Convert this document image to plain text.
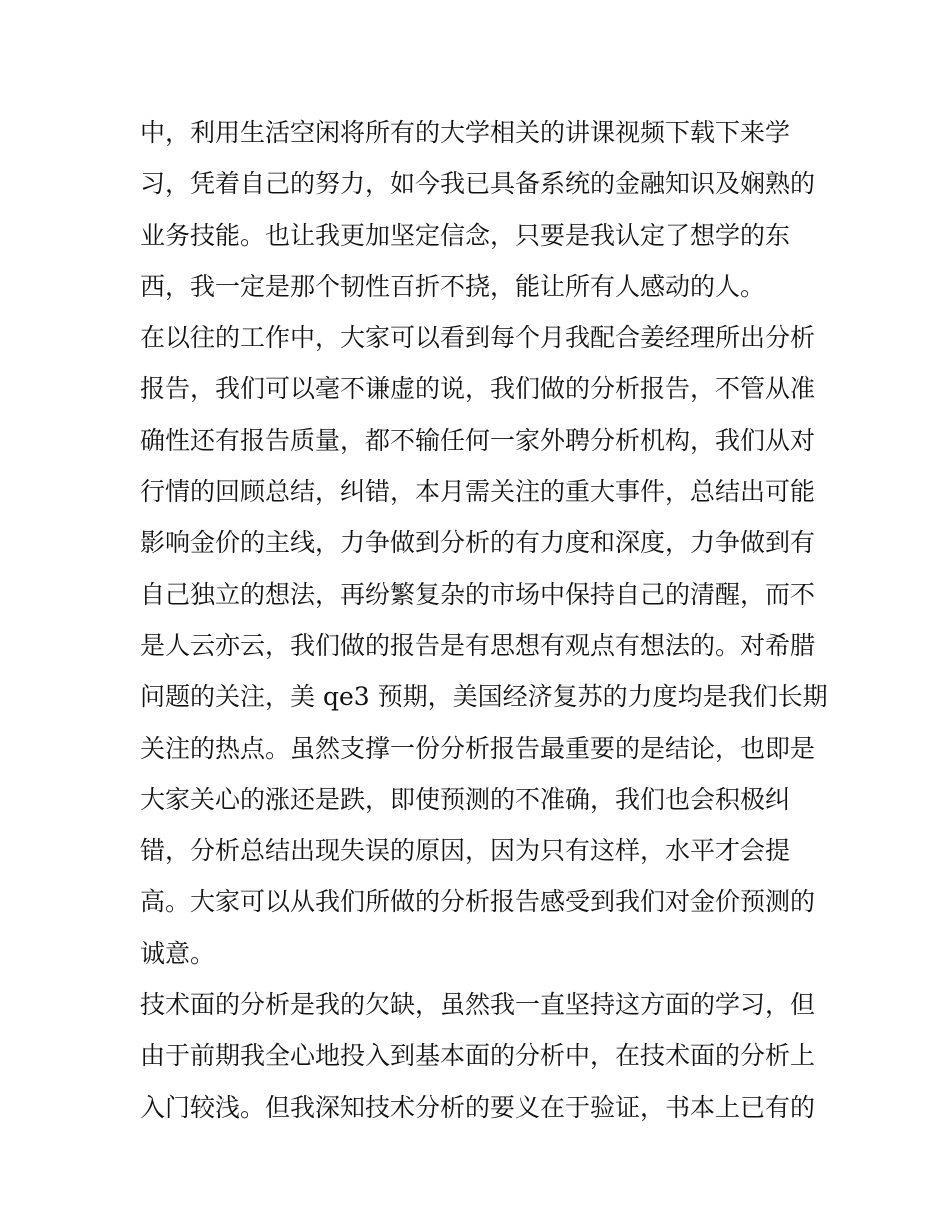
中，利用生活空闲将所有的大学相关的讲课视频下载下来学
习，凭着自己的努力，如今我已具备系统的金融知识及娴熟的
业务技能。也让我更加坚定信念，只要是我认定了想学的东
西，我一定是那个韧性百折不挠，能让所有人感动的人。
在以往的工作中，大家可以看到每个月我配合姜经理所出分析
报告，我们可以毫不谦虚的说，我们做的分析报告，不管从准
确性还有报告质量，都不输任何一家外聘分析机构，我们从对
行情的回顾总结，纠错，本月需关注的重大事件，总结出可能
影响金价的主线，力争做到分析的有力度和深度，力争做到有
自己独立的想法，再纷繁复杂的市场中保持自己的清醒，而不
是人云亦云，我们做的报告是有思想有观点有想法的。对希腊
问题的关注，美 qe3 预期，美国经济复苏的力度均是我们长期
关注的热点。虽然支撑一份分析报告最重要的是结论，也即是
大家关心的涨还是跌，即使预测的不准确，我们也会积极纠
错，分析总结出现失误的原因，因为只有这样，水平才会提
高。大家可以从我们所做的分析报告感受到我们对金价预测的
诚意。
技术面的分析是我的欠缺，虽然我一直坚持这方面的学习，但
由于前期我全心地投入到基本面的分析中，在技术面的分析上
入门较浅。但我深知技术分析的要义在于验证，书本上已有的
